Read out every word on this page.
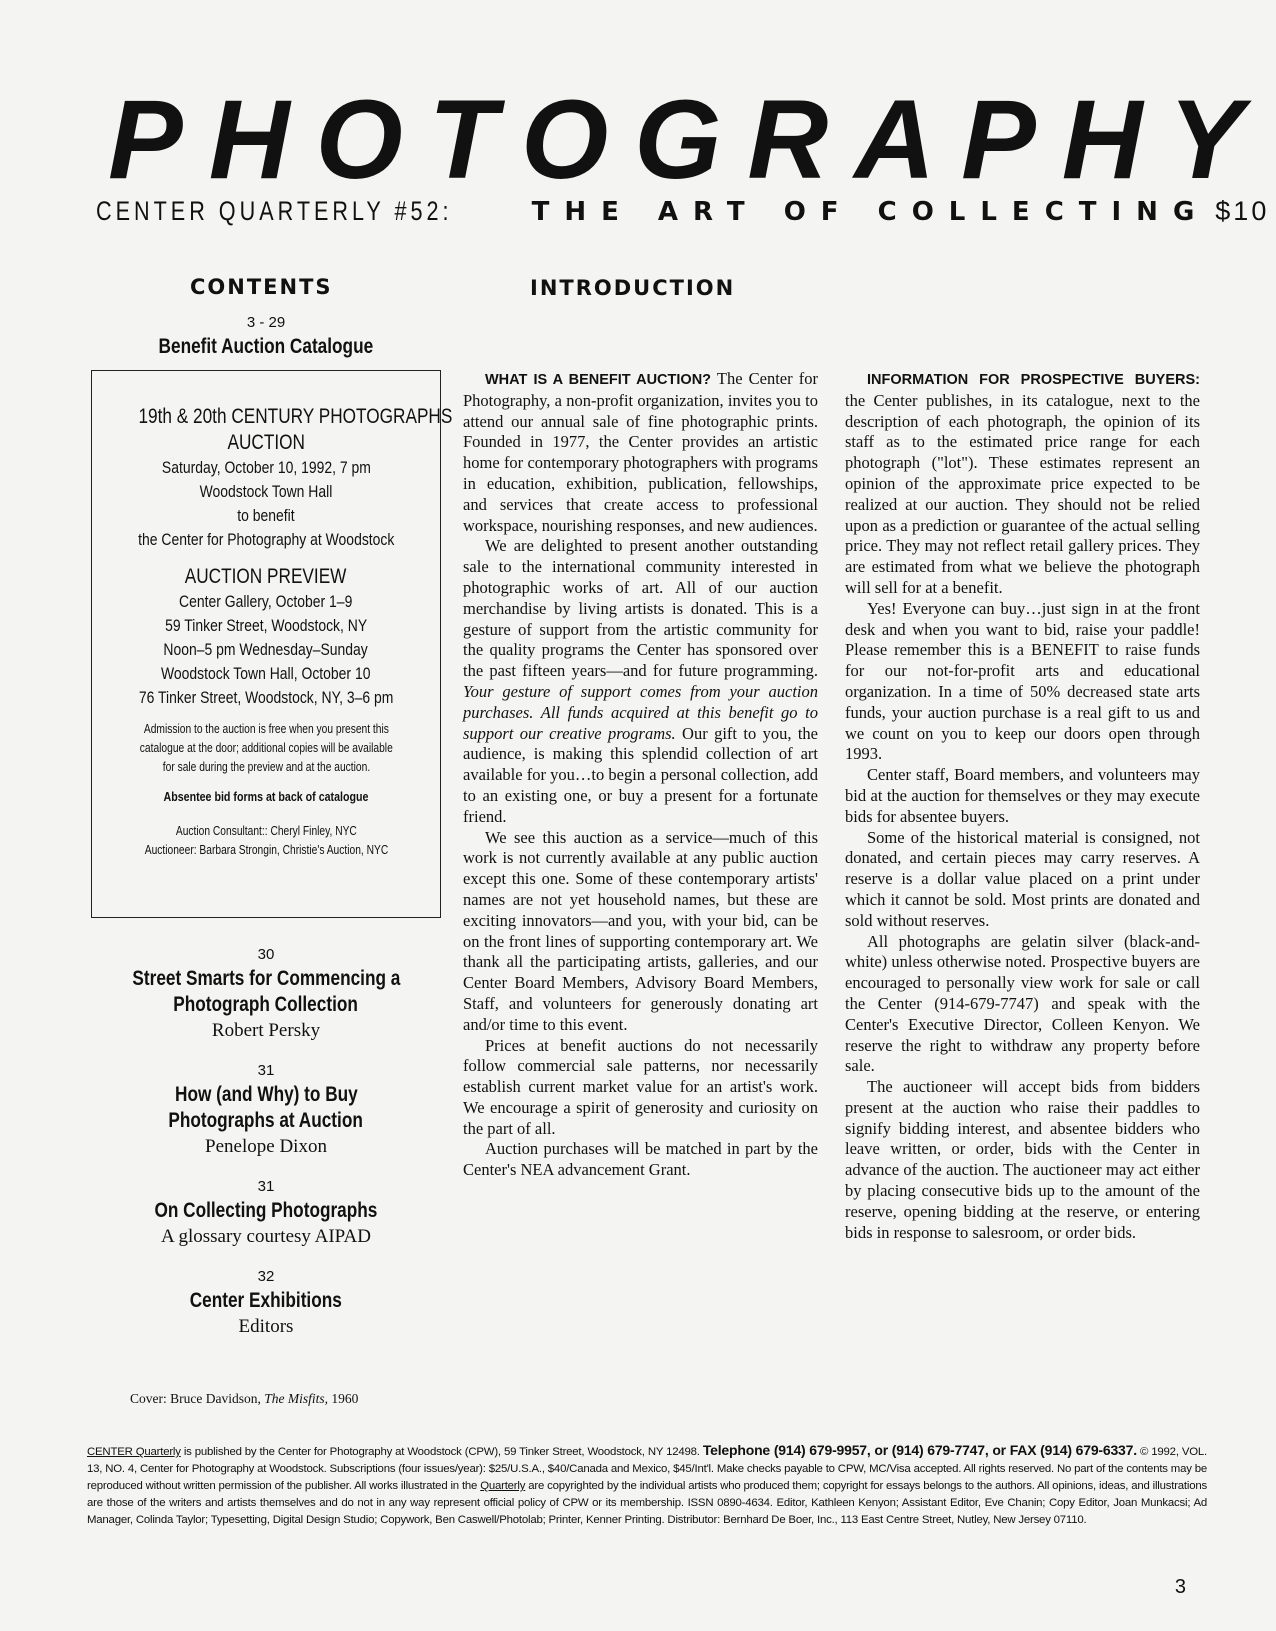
PHOTOGRAPHY
CENTER QUARTERLY #52:	THE ART OF COLLECTING $10
CONTENTS	INTRODUCTION
3 - 29
Benefit Auction Catalogue
19th & 20th CENTURY PHOTOGRAPHS
AUCTION
Saturday, October 10, 1992, 7 pm
Woodstock Town Hall
to benefit
the Center for Photography at Woodstock
AUCTION PREVIEW
Center Gallery, October 1–9
59 Tinker Street, Woodstock, NY
Noon–5 pm Wednesday–Sunday
Woodstock Town Hall, October 10
76 Tinker Street, Woodstock, NY, 3–6 pm
Admission to the auction is free when you present this
catalogue at the door; additional copies will be available
for sale during the preview and at the auction.
Absentee bid forms at back of catalogue
Auction Consultant:: Cheryl Finley, NYC
Auctioneer: Barbara Strongin, Christie's Auction, NYC
30
Street Smarts for Commencing a
Photograph Collection
Robert Persky
31
How (and Why) to Buy
Photographs at Auction
Penelope Dixon
31
On Collecting Photographs
A glossary courtesy AIPAD
32
Center Exhibitions
Editors

WHAT IS A BENEFIT AUCTION? The Center for Photography, a non-profit organization, invites you to attend our annual sale of fine photographic prints. Founded in 1977, the Center provides an artistic home for contemporary photographers with programs in education, exhibition, publication, fellowships, and services that create access to professional workspace, nourishing responses, and new audiences.

We are delighted to present another outstanding sale to the international community interested in photographic works of art. All of our auction merchandise by living artists is donated. This is a gesture of support from the artistic community for the quality programs the Center has sponsored over the past fifteen years—and for future programming. Your gesture of support comes from your auction purchases. All funds acquired at this benefit go to support our creative programs. Our gift to you, the audience, is making this splendid collection of art available for you…to begin a personal collection, add to an existing one, or buy a present for a fortunate friend.

We see this auction as a service—much of this work is not currently available at any public auction except this one. Some of these contemporary artists' names are not yet household names, but these are exciting innovators—and you, with your bid, can be on the front lines of supporting contemporary art. We thank all the participating artists, galleries, and our Center Board Members, Advisory Board Members, Staff, and volunteers for generously donating art and/or time to this event.

Prices at benefit auctions do not necessarily follow commercial sale patterns, nor necessarily establish current market value for an artist's work. We encourage a spirit of generosity and curiosity on the part of all.

Auction purchases will be matched in part by the Center's NEA advancement Grant.

INFORMATION FOR PROSPECTIVE BUYERS: the Center publishes, in its catalogue, next to the description of each photograph, the opinion of its staff as to the estimated price range for each photograph ("lot"). These estimates represent an opinion of the approximate price expected to be realized at our auction. They should not be relied upon as a prediction or guarantee of the actual selling price. They may not reflect retail gallery prices. They are estimated from what we believe the photograph will sell for at a benefit.

Yes! Everyone can buy…just sign in at the front desk and when you want to bid, raise your paddle! Please remember this is a BENEFIT to raise funds for our not-for-profit arts and educational organization. In a time of 50% decreased state arts funds, your auction purchase is a real gift to us and we count on you to keep our doors open through 1993.

Center staff, Board members, and volunteers may bid at the auction for themselves or they may execute bids for absentee buyers.

Some of the historical material is consigned, not donated, and certain pieces may carry reserves. A reserve is a dollar value placed on a print under which it cannot be sold. Most prints are donated and sold without reserves.

All photographs are gelatin silver (black-and-white) unless otherwise noted. Prospective buyers are encouraged to personally view work for sale or call the Center (914-679-7747) and speak with the Center's Executive Director, Colleen Kenyon. We reserve the right to withdraw any property before sale.

The auctioneer will accept bids from bidders present at the auction who raise their paddles to signify bidding interest, and absentee bidders who leave written, or order, bids with the Center in advance of the auction. The auctioneer may act either by placing consecutive bids up to the amount of the reserve, opening bidding at the reserve, or entering bids in response to salesroom, or order bids.

Cover: Bruce Davidson, The Misfits, 1960
CENTER Quarterly is published by the Center for Photography at Woodstock (CPW), 59 Tinker Street, Woodstock, NY 12498. Telephone (914) 679-9957, or (914) 679-7747, or FAX (914) 679-6337. © 1992, VOL. 13, NO. 4, Center for Photography at Woodstock. Subscriptions (four issues/year): $25/U.S.A., $40/Canada and Mexico, $45/Int'l. Make checks payable to CPW, MC/Visa accepted. All rights reserved. No part of the contents may be reproduced without written permission of the publisher. All works illustrated in the Quarterly are copyrighted by the individual artists who produced them; copyright for essays belongs to the authors. All opinions, ideas, and illustrations are those of the writers and artists themselves and do not in any way represent official policy of CPW or its membership. ISSN 0890-4634. Editor, Kathleen Kenyon; Assistant Editor, Eve Chanin; Copy Editor, Joan Munkacsi; Ad Manager, Colinda Taylor; Typesetting, Digital Design Studio; Copywork, Ben Caswell/Photolab; Printer, Kenner Printing. Distributor: Bernhard De Boer, Inc., 113 East Centre Street, Nutley, New Jersey 07110.
3
